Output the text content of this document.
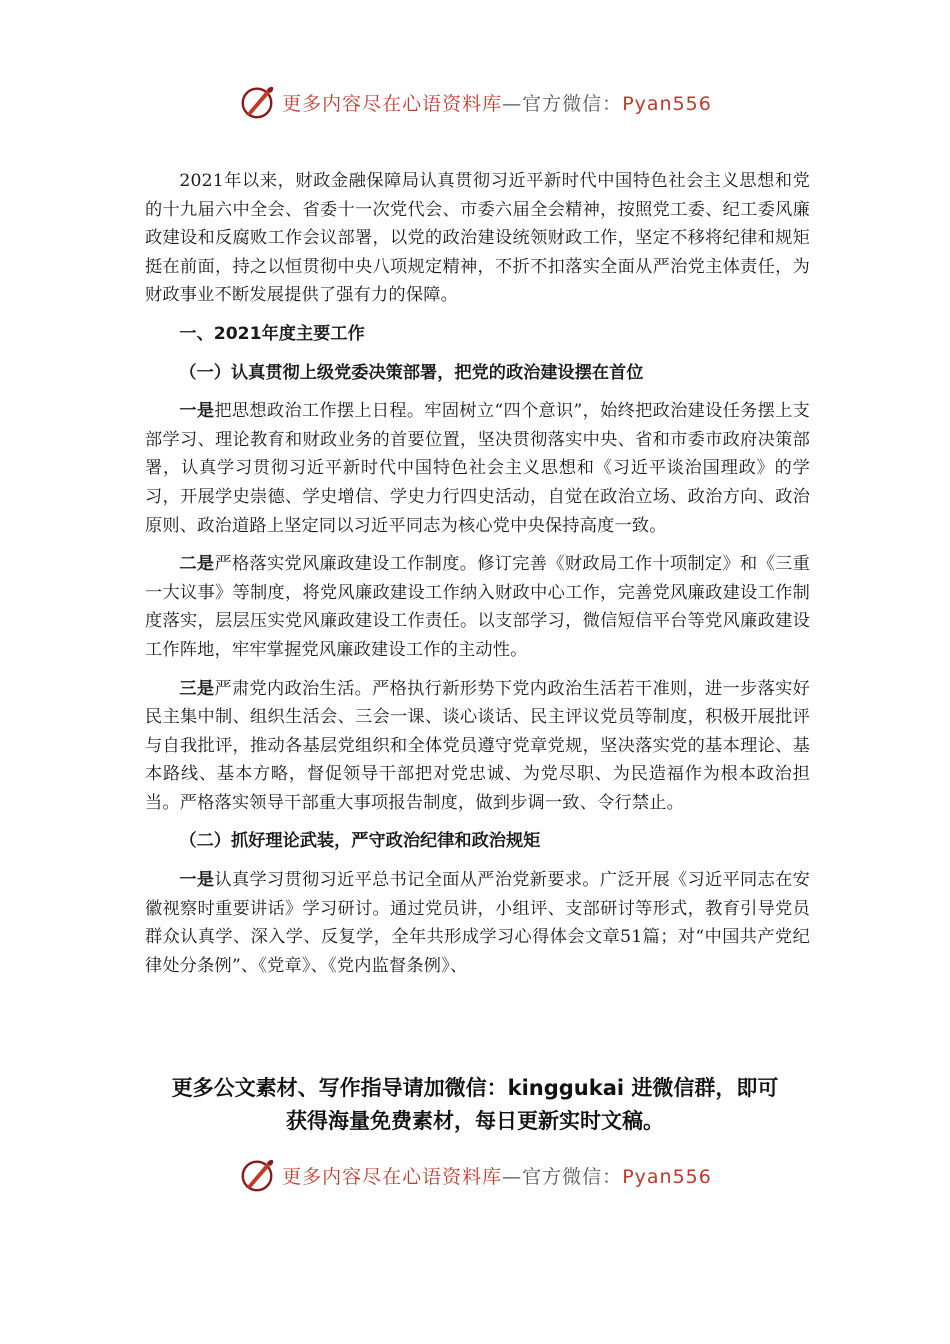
更多内容尽在心语资料库—官方微信：Pyan556

2021年以来，财政金融保障局认真贯彻习近平新时代中国特色社会主义思想和党的十九届六中全会、省委十一次党代会、市委六届全会精神，按照党工委、纪工委风廉政建设和反腐败工作会议部署，以党的政治建设统领财政工作，坚定不移将纪律和规矩挺在前面，持之以恒贯彻中央八项规定精神，不折不扣落实全面从严治党主体责任，为财政事业不断发展提供了强有力的保障。

一、2021年度主要工作
（一）认真贯彻上级党委决策部署，把党的政治建设摆在首位

一是把思想政治工作摆上日程。牢固树立“四个意识”，始终把政治建设任务摆上支部学习、理论教育和财政业务的首要位置，坚决贯彻落实中央、省和市委市政府决策部署，认真学习贯彻习近平新时代中国特色社会主义思想和《习近平谈治国理政》的学习，开展学史崇德、学史增信、学史力行四史活动，自觉在政治立场、政治方向、政治原则、政治道路上坚定同以习近平同志为核心党中央保持高度一致。

二是严格落实党风廉政建设工作制度。修订完善《财政局工作十项制定》和《三重一大议事》等制度，将党风廉政建设工作纳入财政中心工作，完善党风廉政建设工作制度落实，层层压实党风廉政建设工作责任。以支部学习，微信短信平台等党风廉政建设工作阵地，牢牢掌握党风廉政建设工作的主动性。

三是严肃党内政治生活。严格执行新形势下党内政治生活若干准则，进一步落实好民主集中制、组织生活会、三会一课、谈心谈话、民主评议党员等制度，积极开展批评与自我批评，推动各基层党组织和全体党员遵守党章党规，坚决落实党的基本理论、基本路线、基本方略，督促领导干部把对党忠诚、为党尽职、为民造福作为根本政治担当。严格落实领导干部重大事项报告制度，做到步调一致、令行禁止。

（二）抓好理论武装，严守政治纪律和政治规矩

一是认真学习贯彻习近平总书记全面从严治党新要求。广泛开展《习近平同志在安徽视察时重要讲话》学习研讨。通过党员讲，小组评、支部研讨等形式，教育引导党员群众认真学、深入学、反复学，全年共形成学习心得体会文章51篇；对“中国共产党纪律处分条例”、《党章》、《党内监督条例》、

更多公文素材、写作指导请加微信：kinggukai 进微信群，即可
获得海量免费素材，每日更新实时文稿。
更多内容尽在心语资料库—官方微信：Pyan556
